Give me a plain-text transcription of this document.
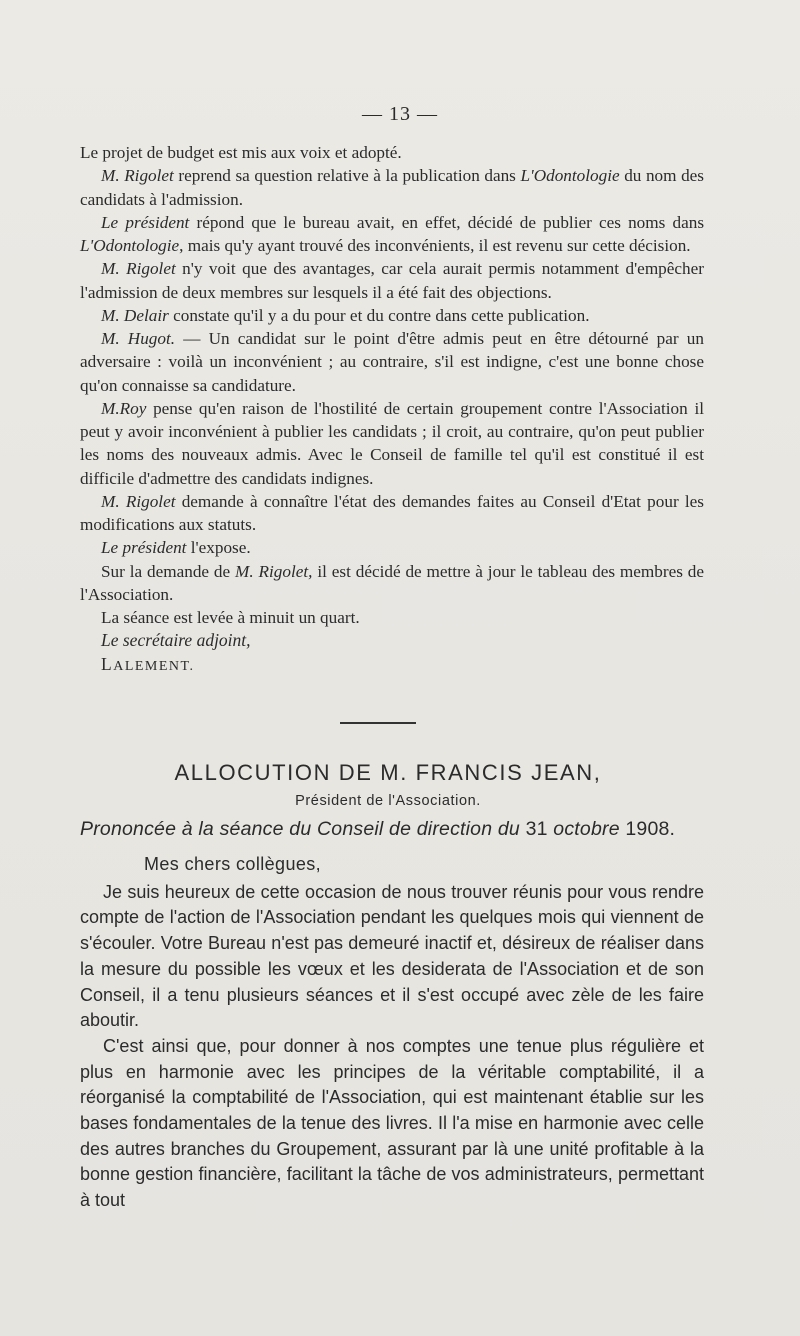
— 13 —

Le projet de budget est mis aux voix et adopté.

M. Rigolet reprend sa question relative à la publication dans L'Odontologie du nom des candidats à l'admission.

Le président répond que le bureau avait, en effet, décidé de publier ces noms dans L'Odontologie, mais qu'y ayant trouvé des inconvénients, il est revenu sur cette décision.

M. Rigolet n'y voit que des avantages, car cela aurait permis notamment d'empêcher l'admission de deux membres sur lesquels il a été fait des objections.

M. Delair constate qu'il y a du pour et du contre dans cette publication.

M. Hugot. — Un candidat sur le point d'être admis peut en être détourné par un adversaire : voilà un inconvénient ; au contraire, s'il est indigne, c'est une bonne chose qu'on connaisse sa candidature.

M.Roy pense qu'en raison de l'hostilité de certain groupement contre l'Association il peut y avoir inconvénient à publier les candidats ; il croit, au contraire, qu'on peut publier les noms des nouveaux admis. Avec le Conseil de famille tel qu'il est constitué il est difficile d'admettre des candidats indignes.

M. Rigolet demande à connaître l'état des demandes faites au Conseil d'Etat pour les modifications aux statuts.

Le président l'expose.

Sur la demande de M. Rigolet, il est décidé de mettre à jour le tableau des membres de l'Association.

La séance est levée à minuit un quart.

Le secrétaire adjoint,

LALEMENT.

ALLOCUTION DE M. FRANCIS JEAN,
Président de l'Association.
Prononcée à la séance du Conseil de direction du 31 octobre 1908.

Mes chers collègues,

Je suis heureux de cette occasion de nous trouver réunis pour vous rendre compte de l'action de l'Association pendant les quelques mois qui viennent de s'écouler. Votre Bureau n'est pas demeuré inactif et, désireux de réaliser dans la mesure du possible les vœux et les desiderata de l'Association et de son Conseil, il a tenu plusieurs séances et il s'est occupé avec zèle de les faire aboutir.

C'est ainsi que, pour donner à nos comptes une tenue plus régulière et plus en harmonie avec les principes de la véritable comptabilité, il a réorganisé la comptabilité de l'Association, qui est maintenant établie sur les bases fondamentales de la tenue des livres. Il l'a mise en harmonie avec celle des autres branches du Groupement, assurant par là une unité profitable à la bonne gestion financière, facilitant la tâche de vos administrateurs, permettant à tout
